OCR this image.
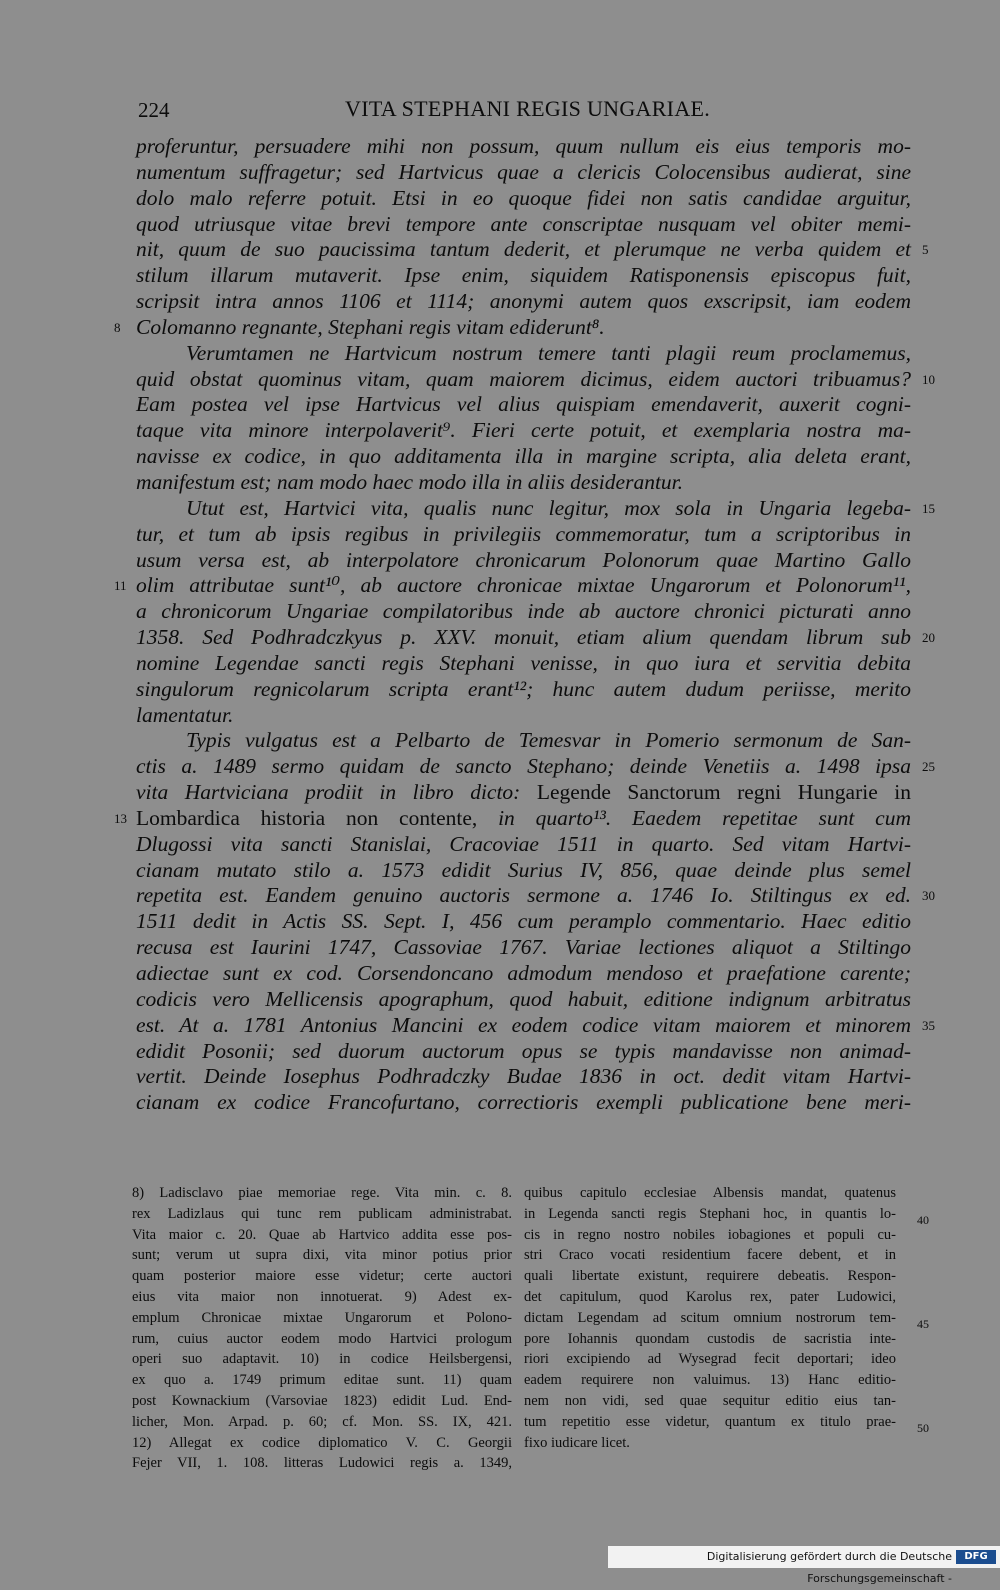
224	VITA STEPHANI REGIS UNGARIAE.
proferuntur, persuadere mihi non possum, quum nullum eis eius temporis mo-
numentum suffragetur; sed Hartvicus quae a clericis Colocensibus audierat, sine
dolo malo referre potuit. Etsi in eo quoque fidei non satis candidae arguitur,
quod utriusque vitae brevi tempore ante conscriptae nusquam vel obiter memi-
nit, quum de suo paucissima tantum dederit, et plerumque ne verba quidem et 5
stilum illarum mutaverit. Ipse enim, siquidem Ratisponensis episcopus fuit,
scripsit intra annos 1106 et 1114; anonymi autem quos exscripsit, iam eodem
8 Colomanno regnante, Stephani regis vitam ediderunt⁸.
Verumtamen ne Hartvicum nostrum temere tanti plagii reum proclamemus,
quid obstat quominus vitam, quam maiorem dicimus, eidem auctori tribuamus? 10
Eam postea vel ipse Hartvicus vel alius quispiam emendaverit, auxerit cogni-
taque vita minore interpolaverit⁹. Fieri certe potuit, et exemplaria nostra ma-
navisse ex codice, in quo additamenta illa in margine scripta, alia deleta erant,
manifestum est; nam modo haec modo illa in aliis desiderantur.
Utut est, Hartvici vita, qualis nunc legitur, mox sola in Ungaria legeba- 15
tur, et tum ab ipsis regibus in privilegiis commemoratur, tum a scriptoribus in
usum versa est, ab interpolatore chronicarum Polonorum quae Martino Gallo
11 olim attributae sunt¹⁰, ab auctore chronicae mixtae Ungarorum et Polonorum¹¹,
a chronicorum Ungariae compilatoribus inde ab auctore chronici picturati anno
1358. Sed Podhradczkyus p. XXV. monuit, etiam alium quendam librum sub 20
nomine Legendae sancti regis Stephani venisse, in quo iura et servitia debita
singulorum regnicolarum scripta erant¹²; hunc autem dudum periisse, merito
lamentatur.
Typis vulgatus est a Pelbarto de Temesvar in Pomerio sermonum de San-
ctis a. 1489 sermo quidam de sancto Stephano; deinde Venetiis a. 1498 ipsa 25
vita Hartviciana prodiit in libro dicto: Legende Sanctorum regni Hungarie in
13 Lombardica historia non contente, in quarto¹³. Eaedem repetitae sunt cum
Dlugossi vita sancti Stanislai, Cracoviae 1511 in quarto. Sed vitam Hartvi-
cianam mutato stilo a. 1573 edidit Surius IV, 856, quae deinde plus semel
repetita est. Eandem genuino auctoris sermone a. 1746 Io. Stiltingus ex ed. 30
1511 dedit in Actis SS. Sept. I, 456 cum peramplo commentario. Haec editio
recusa est Iaurini 1747, Cassoviae 1767. Variae lectiones aliquot a Stiltingo
adiectae sunt ex cod. Corsendoncano admodum mendoso et praefatione carente;
codicis vero Mellicensis apographum, quod habuit, editione indignum arbitratus
est. At a. 1781 Antonius Mancini ex eodem codice vitam maiorem et minorem 35
edidit Posonii; sed duorum auctorum opus se typis mandavisse non animad-
vertit. Deinde Iosephus Podhradczky Budae 1836 in oct. dedit vitam Hartvi-
cianam ex codice Francofurtano, correctioris exempli publicatione bene meri-
8) Ladisclavo piae memoriae rege. Vita min. c. 8.
rex Ladizlaus qui tunc rem publicam administrabat.
Vita maior c. 20. Quae ab Hartvico addita esse pos-
sunt; verum ut supra dixi, vita minor potius prior
quam posterior maiore esse videtur; certe auctori
eius vita maior non innotuerat. 9) Adest ex-
emplum Chronicae mixtae Ungarorum et Polono-
rum, cuius auctor eodem modo Hartvici prologum
operi suo adaptavit. 10) in codice Heilsbergensi,
ex quo a. 1749 primum editae sunt. 11) quam
post Kownackium (Varsoviae 1823) edidit Lud. End-
licher, Mon. Arpad. p. 60; cf. Mon. SS. IX, 421.
12) Allegat ex codice diplomatico V. C. Georgii
Fejer VII, 1. 108. litteras Ludowici regis a. 1349,
quibus capitulo ecclesiae Albensis mandat, quatenus
in Legenda sancti regis Stephani hoc, in quantis lo-
cis in regno nostro nobiles iobagiones et populi cu-
stri Craco vocati residentium facere debent, et in
quali libertate existunt, requirere debeatis. Respon-
det capitulum, quod Karolus rex, pater Ludowici,
dictam Legendam ad scitum omnium nostrorum tem-
pore Iohannis quondam custodis de sacristia inte-
riori excipiendo ad Wysegrad fecit deportari; ideo
eadem requirere non valuimus. 13) Hanc editio-
nem non vidi, sed quae sequitur editio eius tan-
tum repetitio esse videtur, quantum ex titulo prae-
fixo iudicare licet.
40
45
50
Digitalisierung gefördert durch die Deutsche Forschungsgemeinschaft -
DFG
